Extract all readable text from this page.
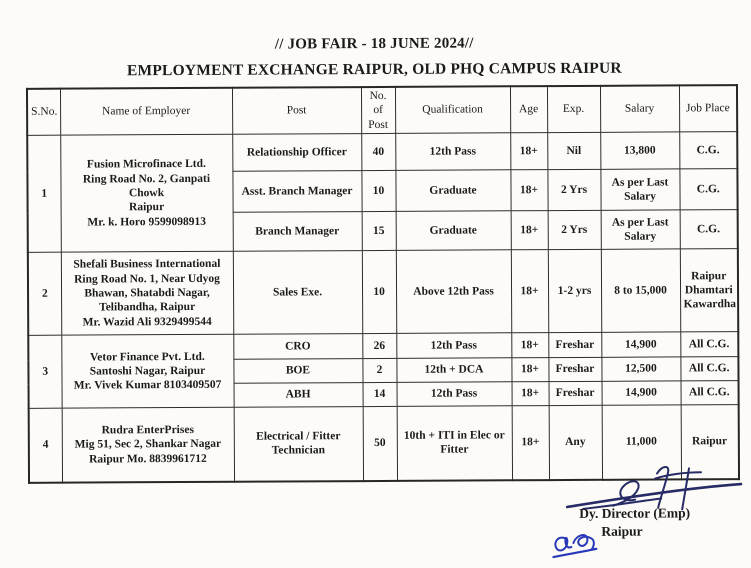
// JOB FAIR - 18 JUNE 2024//
EMPLOYMENT EXCHANGE RAIPUR, OLD PHQ CAMPUS RAIPUR
S.No.	Name of Employer	Post	No. of Post	Qualification	Age	Exp.	Salary	Job Place
1	Fusion Microfinace Ltd.
Ring Road No. 2, Ganpati Chowk
Raipur
Mr. k. Horo 9599098913	Relationship Officer	40	12th Pass	18+	Nil	13,800	C.G.
		Asst. Branch Manager	10	Graduate	18+	2 Yrs	As per Last Salary	C.G.
		Branch Manager	15	Graduate	18+	2 Yrs	As per Last Salary	C.G.
2	Shefali Business International
Ring Road No. 1, Near Udyog
Bhawan, Shatabdi Nagar,
Telibandha, Raipur
Mr. Wazid Ali 9329499544	Sales Exe.	10	Above 12th Pass	18+	1-2 yrs	8 to 15,000	Raipur Dhamtari Kawardha
3	Vetor Finance Pvt. Ltd.
Santoshi Nagar, Raipur
Mr. Vivek Kumar 8103409507	CRO	26	12th Pass	18+	Freshar	14,900	All C.G.
		BOE	2	12th + DCA	18+	Freshar	12,500	All C.G.
		ABH	14	12th Pass	18+	Freshar	14,900	All C.G.
4	Rudra EnterPrises
Mig 51, Sec 2, Shankar Nagar
Raipur Mo. 8839961712	Electrical / Fitter Technician	50	10th + ITI in Elec or Fitter	18+	Any	11,000	Raipur
Dy. Director (Emp)
Raipur
